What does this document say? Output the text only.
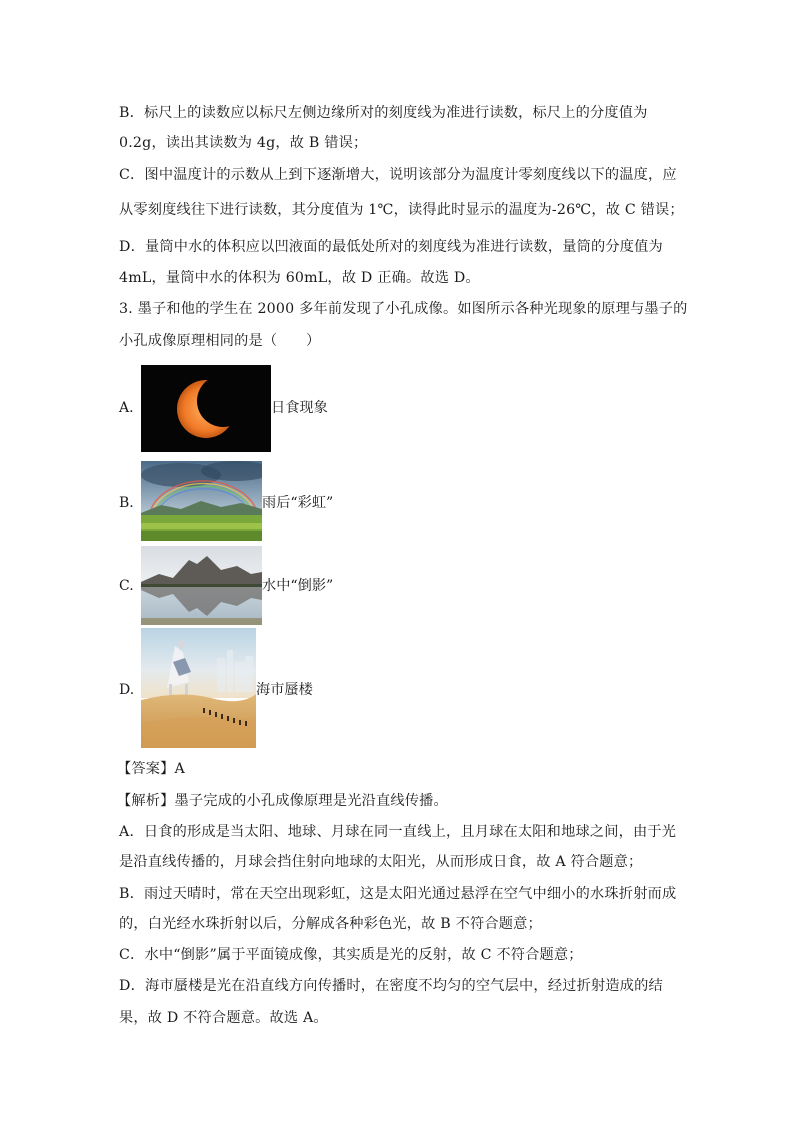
B．标尺上的读数应以标尺左侧边缘所对的刻度线为准进行读数，标尺上的分度值为
0.2g，读出其读数为 4g，故 B 错误；
C．图中温度计的示数从上到下逐渐增大，说明该部分为温度计零刻度线以下的温度，应
从零刻度线往下进行读数，其分度值为 1℃，读得此时显示的温度为-26℃，故 C 错误；
D．量筒中水的体积应以凹液面的最低处所对的刻度线为准进行读数，量筒的分度值为
4mL，量筒中水的体积为 60mL，故 D 正确。故选 D。
3. 墨子和他的学生在 2000 多年前发现了小孔成像。如图所示各种光现象的原理与墨子的
小孔成像原理相同的是（　　）
A.	日食现象
B.	雨后“彩虹”
C.	水中“倒影”
D.	海市蜃楼
【答案】A
【解析】墨子完成的小孔成像原理是光沿直线传播。
A．日食的形成是当太阳、地球、月球在同一直线上，且月球在太阳和地球之间，由于光
是沿直线传播的，月球会挡住射向地球的太阳光，从而形成日食，故 A 符合题意；
B．雨过天晴时，常在天空出现彩虹，这是太阳光通过悬浮在空气中细小的水珠折射而成
的，白光经水珠折射以后，分解成各种彩色光，故 B 不符合题意；
C．水中“倒影”属于平面镜成像，其实质是光的反射，故 C 不符合题意；
D．海市蜃楼是光在沿直线方向传播时，在密度不均匀的空气层中，经过折射造成的结
果，故 D 不符合题意。故选 A。
